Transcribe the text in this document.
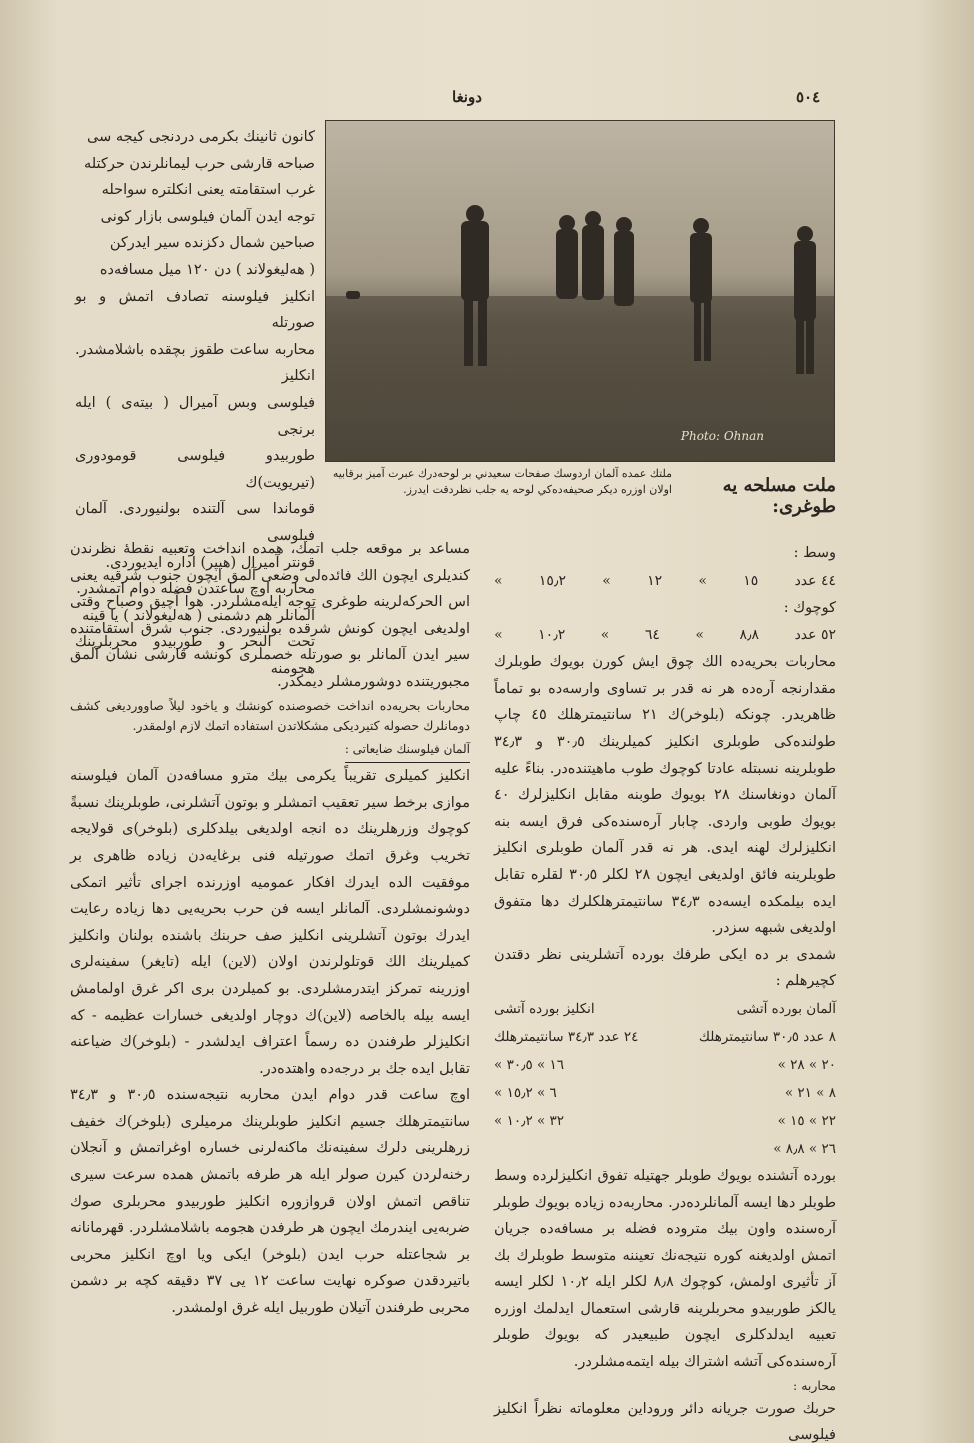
٥٠٤
دونغا
Photo: Ohnan
ملت مسلحه یه طوغری:
ملتك عمده آلمان اردوسك صفحات سعيدني بر لوحه‌درك عبرت آميز برقابيه اولان اوزره ديكر صحيفه‌ده‌كي لوحه يه جلب نظردقت ايدرز.

کانون ثانينك بكرمى دردنجى كيجه سى

صباحه قارشى حرب ليمانلرندن حركتله

غرب استقامته يعنى انكلتره سواحله

توجه ايدن آلمان فيلوسى بازار كونى

صباحين شمال دكزنده سير ايدركن

( هه‌ليغولاند ) دن ١٢٠ ميل مسافه‌ده

انكليز فيلوسنه تصادف اتمش و بو صورتله

محاربه ساعت طقوز بچقده باشلامشدر. انكليز

فيلوسى وبس آميرال ( بيته‌ى ) ايله برنجى

طوربيدو فيلوسى قومودورى (تيريويت)ك

قوماندا سى آلتنده بولنيوردى. آلمان فيلوسى

قونتر آميرال (هيپر) اداره ايديوردى.

محاربه اوچ ساعتدن فضله دوام اتمشدر.

آلمانلر هم دشمنى ( هه‌ليغولاند ) يا قينه

تحت البحر و طوربيدو محربلرينك هجومنه

مساعد بر موقعه جلب اتمك، همده انداخت وتعبيه نقطهٔ نظرندن كنديلرى ايچون الك فائده‌لى وضعى آلمق ايچون جنوب شرقيه يعنى اس الحركه‌لرينه طوغرى توجه ايله‌مشلردر. هوا آچيق وصباح وقتى اولديغى ايچون كونش شرقده بولنيوردى. جنوب شرق استقامتنده سير ايدن آلمانلر بو صورتله خصملرى كونشه قارشى نشان آلمق مجبوريتنده دوشورمشلر ديمكدر.

محاربات بحريه‌ده انداخت خصوصنده كونشك و ياخود ليلاً صاوورديغى كشف دومانلرك حصوله كتيرديكى مشكلاتدن استفاده اتمك لازم اولمقدر.

آلمان فيلوسنك ضايعاتى :

انكليز كميلرى تقريباً يكرمى بيك مترو مسافه‌دن آلمان فيلوسنه موازى برخط سير تعقيب اتمشلر و بوتون آتشلرنى، طوبلرينك نسبةً كوچوك وزرهلرينك ده انجه اولديغى بيلدكلرى (بلوخر)ى قولايجه تخريب وغرق اتمك صورتيله فنى برغايه‌دن زياده ظاهرى بر موفقيت الده ايدرك افكار عموميه اوزرنده اجراى تأثير اتمكى دوشونمشلردى. آلمانلر ايسه فن حرب بحريه‌يى دها زياده رعايت ايدرك بوتون آتشلرينى انكليز صف حربنك باشنده بولنان وانكليز كميلرينك الك قوتلولرندن اولان (لاين) ايله (تايغر) سفينه‌لرى اوزرينه تمركز ايتدرمشلردى. بو كميلردن برى اكر غرق اولمامش ايسه بيله بالخاصه (لاين)ك دوچار اولديغى خسارات عظيمه - كه انكليزلر طرفندن ده رسماً اعتراف ايدلشدر - (بلوخر)ك ضياعنه تقابل ايده جك بر درجه‌ده واهتده‌در.

اوچ ساعت قدر دوام ايدن محاربه نتيجه‌سنده ٣٠٫٥ و ٣٤٫٣ سانتيمترهلك جسيم انكليز طوبلرينك مرميلرى (بلوخر)ك خفيف زرهلرينى دلرك سفينه‌نك ماكنه‌لرنى خساره اوغراتمش و آنجلان رخنه‌لردن كيرن صولر ايله هر طرفه باتمش همده سرعت سيرى تناقص اتمش اولان قروازوره انكليز طوربيدو محربلرى صوك ضربه‌يى ايندرمك ايچون هر طرفدن هجومه باشلامشلردر. قهرمانانه بر شجاعتله حرب ايدن (بلوخر) ايكى ويا اوچ انكليز محربى باتيردقدن صوكره نهايت ساعت ١٢ يى ٣٧ دقيقه كچه بر دشمن محربى طرفندن آتيلان طوربيل ايله غرق اولمشدر.

وسط :

٤٤ عدد
١٥
»
١٢
»
١٥٫٢
»

كوچوك :

٥٢ عدد
٨٫٨
»
٦٤
»
١٠٫٢
»

محاربات بحريه‌ده الك چوق ايش كورن بويوك طوبلرك مقدارنجه آره‌ده هر نه قدر بر تساوى وارسه‌ده بو تماماً ظاهريدر. چونكه (بلوخر)ك ٢١ سانتيمترهلك ٤٥ چاپ طولنده‌كى طوبلرى انكليز كميلرينك ٣٠٫٥ و ٣٤٫٣ طوبلرينه نسبتله عادتا كوچوك طوب ماهيتنده‌در. بناءً عليه آلمان دونغاسنك ٢٨ بويوك طوبنه مقابل انكليزلرك ٤٠ بويوك طوبى واردى. چابار آره‌سنده‌كى فرق ايسه بنه انكليزلرك لهنه ايدى. هر نه قدر آلمان طوبلرى انكليز طوبلرينه فائق اولديغى ايچون ٢٨ لكلر ٣٠٫٥ لقلره تقابل ايده بيلمكده ايسه‌ده ٣٤٫٣ سانتيمترهلكلرك دها متفوق اولديغى شبهه سزدر.

شمدى بر ده ايكى طرفك بورده آتشلرينى نظر دقتدن كچيرهلم :

آلمان بورده آتشى
انكليز بورده آتشى
٨ عدد ٣٠٫٥ سانتيمترهلك
٢٤ عدد ٣٤٫٣ سانتيمترهلك
٢٠ » ٢٨ »
١٦ » ٣٠٫٥ »
٨ » ٢١ »
٦ » ١٥٫٢ »
٢٢ » ١٥ »
٣٢ » ١٠٫٢ »
٢٦ » ٨٫٨ »

بورده آتشنده بويوك طوبلر جهتيله تفوق انكليزلرده وسط طوبلر دها ايسه آلمانلرده‌در. محاربه‌ده زياده بويوك طوبلر آره‌سنده واون بيك متروده فضله بر مسافه‌ده جريان اتمش اولديغنه كوره نتيجه‌نك تعيننه متوسط طوبلرك بك آز تأثيرى اولمش، كوچوك ٨٫٨ لكلر ايله ١٠٫٢ لكلر ايسه يالكز طوربيدو محربلرينه قارشى استعمال ايدلمك اوزره تعبيه ايدلدكلرى ايچون طبيعيدر كه بويوك طوبلر آره‌سنده‌كى آتشه اشتراك بيله ايتمه‌مشلردر.

محاربه :

حربك صورت جريانه دائر وروداين معلوماته نظراً انكليز فيلوسى
